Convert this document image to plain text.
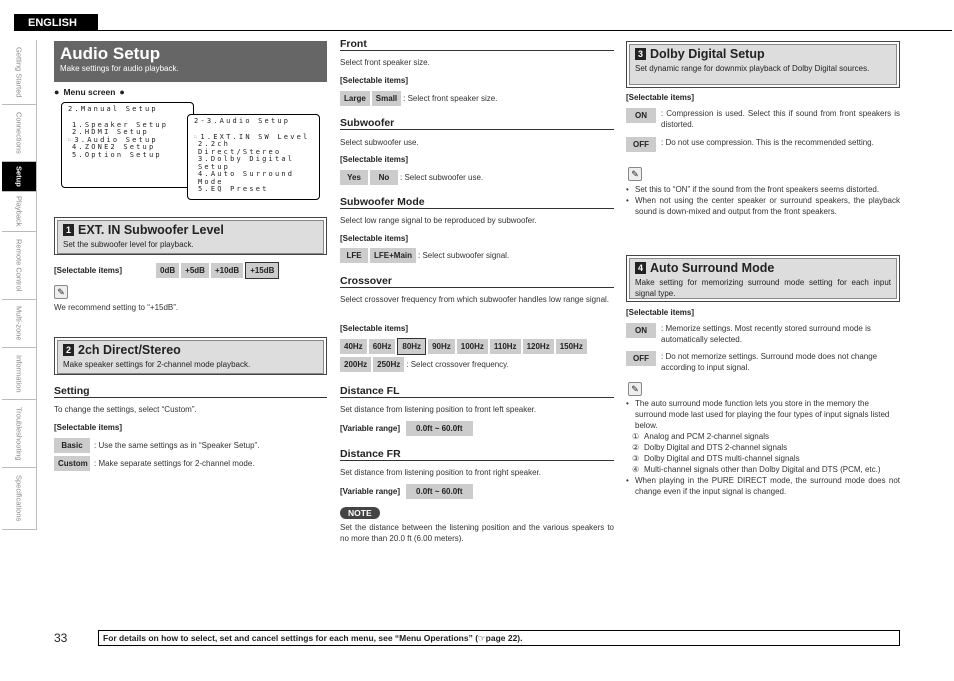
ENGLISH
Getting Started
Connections
Setup
Playback
Remote Control
Multi-zone
Information
Troubleshooting
Specifications
Audio Setup
Make settings for audio playback.
● Menu screen ●
2.Manual Setup
1.Speaker Setup
2.HDMI Setup
☞3.Audio Setup
4.ZONE2 Setup
5.Option Setup
2-3.Audio Setup
☞1.EXT.IN SW Level
2.2ch Direct/Stereo
3.Dolby Digital Setup
4.Auto Surround Mode
5.EQ Preset
1 EXT. IN Subwoofer Level
Set the subwoofer level for playback.
[Selectable items]	0dB	+5dB	+10dB	+15dB
✎
We recommend setting to “+15dB”.
2 2ch Direct/Stereo
Make speaker settings for 2-channel mode playback.
Setting
To change the settings, select “Custom”.
[Selectable items]
Basic	: Use the same settings as in “Speaker Setup”.
Custom : Make separate settings for 2-channel mode.
Front
Select front speaker size.
[Selectable items]
Large	Small : Select front speaker size.
Subwoofer
Select subwoofer use.
[Selectable items]
Yes	No	: Select subwoofer use.
Subwoofer Mode
Select low range signal to be reproduced by subwoofer.
[Selectable items]
LFE	LFE+Main : Select subwoofer signal.
Crossover
Select crossover frequency from which subwoofer handles low range signal.
[Selectable items]
40Hz	60Hz	80Hz	90Hz	100Hz	110Hz	120Hz	150Hz
200Hz	250Hz : Select crossover frequency.
Distance FL
Set distance from listening position to front left speaker.
[Variable range]	0.0ft ~ 60.0ft
Distance FR
Set distance from listening position to front right speaker.
[Variable range]	0.0ft ~ 60.0ft
NOTE
Set the distance between the listening position and the various speakers to no more than 20.0 ft (6.00 meters).
3 Dolby Digital Setup
Set dynamic range for downmix playback of Dolby Digital sources.
[Selectable items]
ON	: Compression is used. Select this if sound from front speakers is distorted.
OFF	: Do not use compression. This is the recommended setting.
✎
• Set this to “ON” if the sound from the front speakers seems distorted.
• When not using the center speaker or surround speakers, the playback sound is down-mixed and output from the front speakers.
4 Auto Surround Mode
Make setting for memorizing surround mode setting for each input signal type.
[Selectable items]
ON	: Memorize settings. Most recently stored surround mode is automatically selected.
OFF	: Do not memorize settings. Surround mode does not change according to input signal.
✎
• The auto surround mode function lets you store in the memory the surround mode last used for playing the four types of input signals listed below.
① Analog and PCM 2-channel signals
② Dolby Digital and DTS 2-channel signals
③ Dolby Digital and DTS multi-channel signals
④ Multi-channel signals other than Dolby Digital and DTS (PCM, etc.)
• When playing in the PURE DIRECT mode, the surround mode does not change even if the input signal is changed.
33	For details on how to select, set and cancel settings for each menu, see “Menu Operations” (☞page 22).
